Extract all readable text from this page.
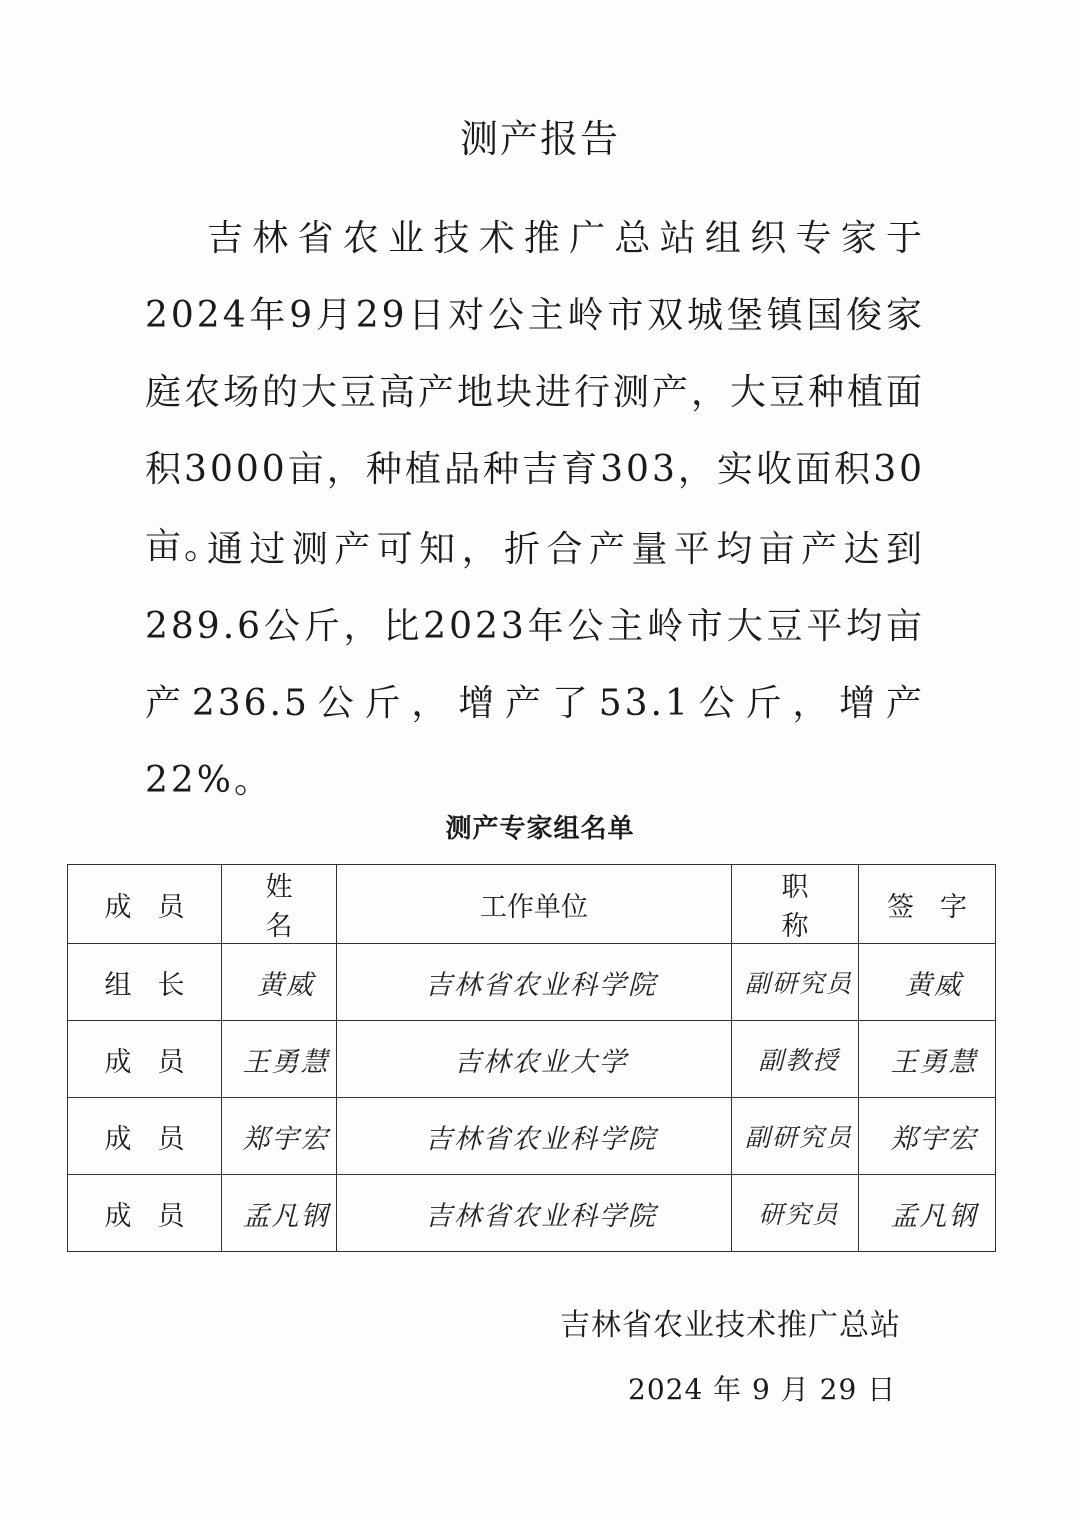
测产报告

吉林省农业技术推广总站组织专家于2024年9月29日对公主岭市双城堡镇国俊家庭农场的大豆高产地块进行测产，大豆种植面积3000亩，种植品种吉育303，实收面积30亩。

通过测产可知，折合产量平均亩产达到289.6公斤，比2023年公主岭市大豆平均亩产236.5公斤，增产了53.1公斤，增产22%。

测产专家组名单
成员	姓名	工作单位	职称	签字
组长	黄威	吉林省农业科学院	副研究员	黄威
成员	王勇慧	吉林农业大学	副教授	王勇慧
成员	郑宇宏	吉林省农业科学院	副研究员	郑宇宏
成员	孟凡钢	吉林省农业科学院	研究员	孟凡钢
吉林省农业技术推广总站
2024 年 9 月 29 日
